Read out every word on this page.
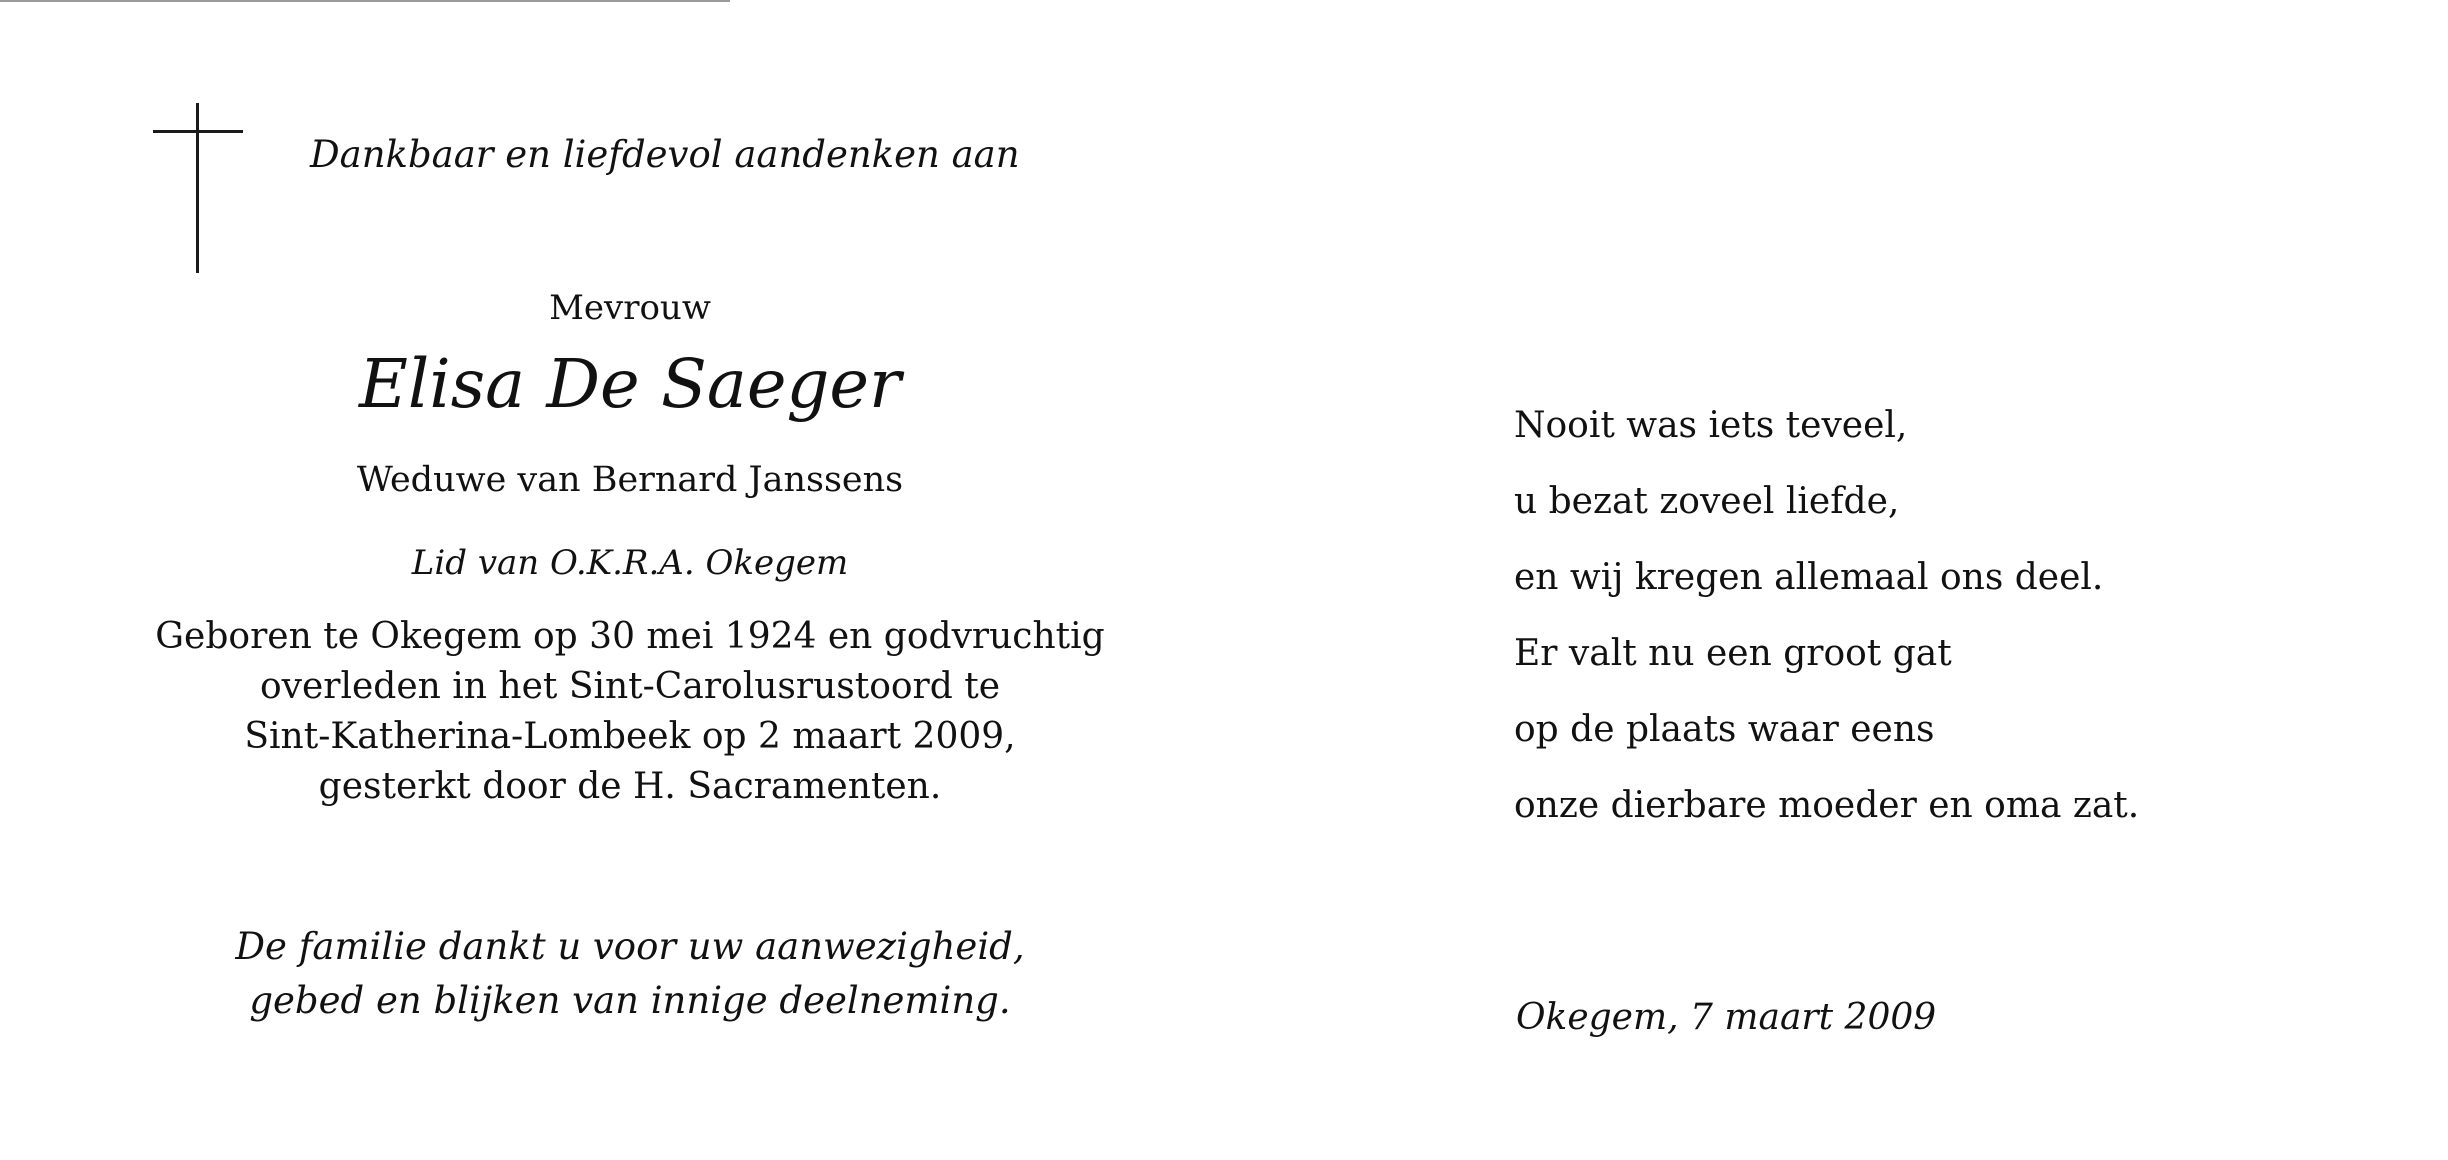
Dankbaar en liefdevol aandenken aan
Mevrouw
Elisa De Saeger
Weduwe van Bernard Janssens
Lid van O.K.R.A. Okegem
Geboren te Okegem op 30 mei 1924 en godvruchtig
overleden in het Sint-Carolusrustoord te
Sint-Katherina-Lombeek op 2 maart 2009,
gesterkt door de H. Sacramenten.
De familie dankt u voor uw aanwezigheid,
gebed en blijken van innige deelneming.
Nooit was iets teveel,
u bezat zoveel liefde,
en wij kregen allemaal ons deel.
Er valt nu een groot gat
op de plaats waar eens
onze dierbare moeder en oma zat.
Okegem, 7 maart 2009
